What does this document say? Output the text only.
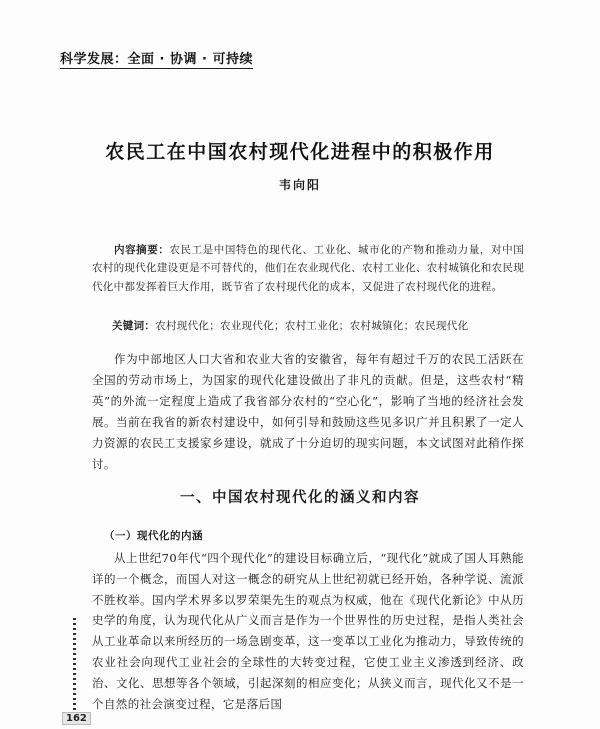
科学发展：全面 · 协调 · 可持续
农民工在中国农村现代化进程中的积极作用
韦向阳
内容摘要：农民工是中国特色的现代化、工业化、城市化的产物和推动力量，对中国农村的现代化建设更是不可替代的，他们在农业现代化、农村工业化、农村城镇化和农民现代化中都发挥着巨大作用，既节省了农村现代化的成本，又促进了农村现代化的进程。
关键词：农村现代化；农业现代化；农村工业化；农村城镇化；农民现代化
作为中部地区人口大省和农业大省的安徽省，每年有超过千万的农民工活跃在全国的劳动市场上，为国家的现代化建设做出了非凡的贡献。但是，这些农村“精英”的外流一定程度上造成了我省部分农村的“空心化”，影响了当地的经济社会发展。当前在我省的新农村建设中，如何引导和鼓励这些见多识广并且积累了一定人力资源的农民工支援家乡建设，就成了十分迫切的现实问题，本文试图对此稍作探讨。
一、中国农村现代化的涵义和内容
（一）现代化的内涵
从上世纪70年代“四个现代化”的建设目标确立后，“现代化”就成了国人耳熟能详的一个概念，而国人对这一概念的研究从上世纪初就已经开始，各种学说、流派不胜枚举。国内学术界多以罗荣渠先生的观点为权威，他在《现代化新论》中从历史学的角度，认为现代化从广义而言是作为一个世界性的历史过程，是指人类社会从工业革命以来所经历的一场急剧变革，这一变革以工业化为推动力，导致传统的农业社会向现代工业社会的全球性的大转变过程，它使工业主义渗透到经济、政治、文化、思想等各个领域，引起深刻的相应变化；从狭义而言，现代化又不是一个自然的社会演变过程，它是落后国
162
